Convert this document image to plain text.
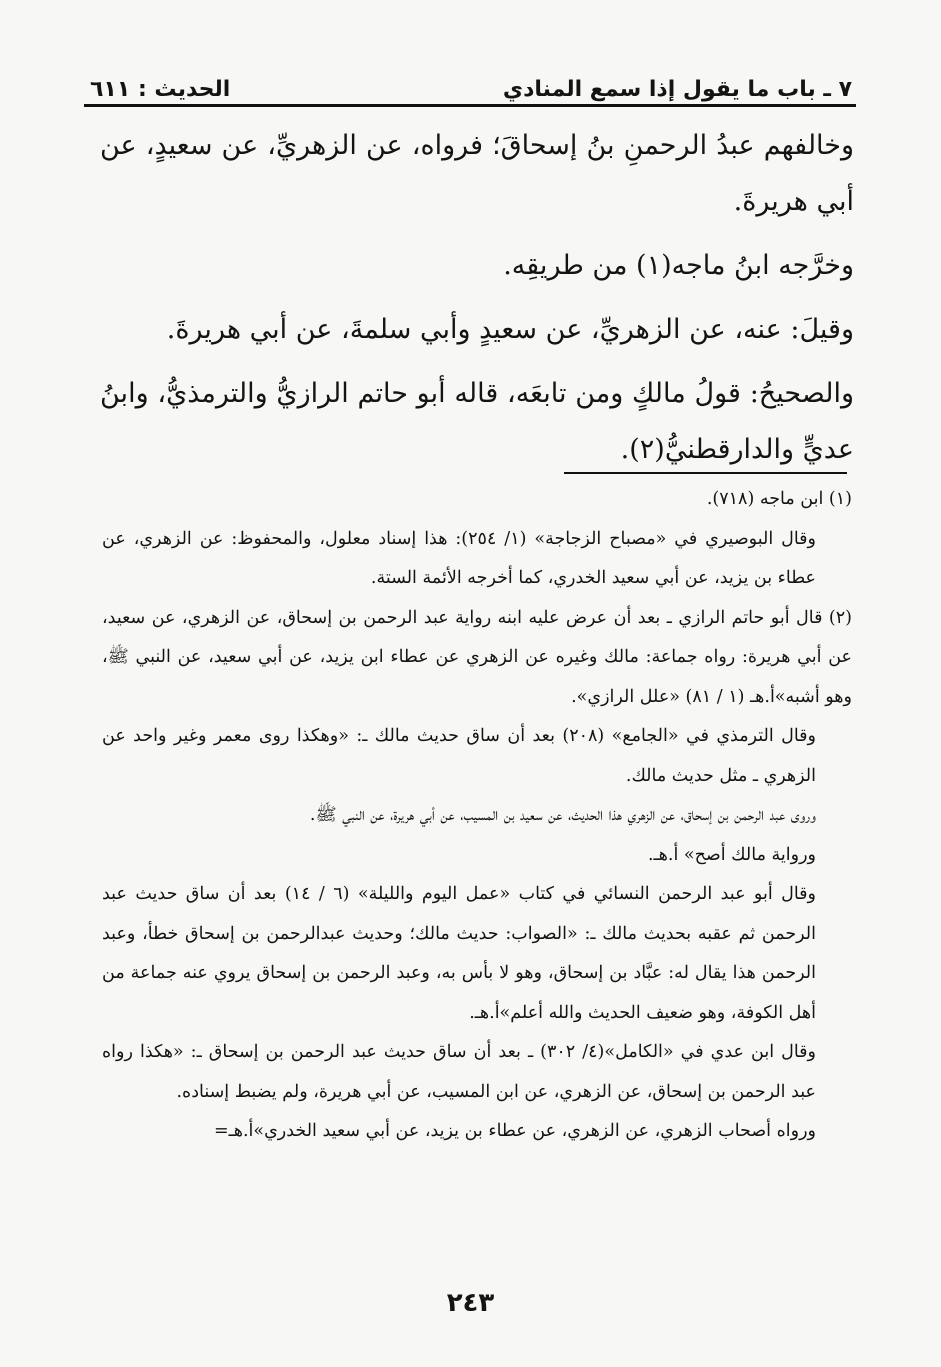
٧ ـ باب ما يقول إذا سمع المنادي
الحديث : ٦١١

وخالفهم عبدُ الرحمنِ بنُ إسحاقَ؛ فرواه، عن الزهريِّ، عن سعيدٍ، عن أبي هريرةَ.

وخرَّجه ابنُ ماجه(١) من طريقِه.

وقيلَ: عنه، عن الزهريِّ، عن سعيدٍ وأبي سلمةَ، عن أبي هريرةَ.

والصحيحُ: قولُ مالكٍ ومن تابعَه، قاله أبو حاتم الرازيُّ والترمذيُّ، وابنُ عديٍّ والدارقطنيُّ(٢).

(١) ابن ماجه (٧١٨).

وقال البوصيري في «مصباح الزجاجة» (١/ ٢٥٤): هذا إسناد معلول، والمحفوظ: عن الزهري، عن عطاء بن يزيد، عن أبي سعيد الخدري، كما أخرجه الأئمة الستة.

(٢) قال أبو حاتم الرازي ـ بعد أن عرض عليه ابنه رواية عبد الرحمن بن إسحاق، عن الزهري، عن سعيد، عن أبي هريرة: رواه جماعة: مالك وغيره عن الزهري عن عطاء ابن يزيد، عن أبي سعيد، عن النبي ﷺ، وهو أشبه»أ.هـ (١ / ٨١) «علل الرازي».

وقال الترمذي في «الجامع» (٢٠٨) بعد أن ساق حديث مالك ـ: «وهكذا روى معمر وغير واحد عن الزهري ـ مثل حديث مالك.

وروى عبد الرحمن بن إسحاق، عن الزهري هذا الحديث، عن سعيد بن المسيب، عن أبي هريرة، عن النبي ﷺ.

ورواية مالك أصح» أ.هـ.

وقال أبو عبد الرحمن النسائي في كتاب «عمل اليوم والليلة» (٦ / ١٤) بعد أن ساق حديث عبد الرحمن ثم عقبه بحديث مالك ـ: «الصواب: حديث مالك؛ وحديث عبدالرحمن بن إسحاق خطأ، وعبد الرحمن هذا يقال له: عبَّاد بن إسحاق، وهو لا بأس به، وعبد الرحمن بن إسحاق يروي عنه جماعة من أهل الكوفة، وهو ضعيف الحديث والله أعلم»أ.هـ.

وقال ابن عدي في «الكامل»(٤/ ٣٠٢) ـ بعد أن ساق حديث عبد الرحمن بن إسحاق ـ: «هكذا رواه عبد الرحمن بن إسحاق، عن الزهري، عن ابن المسيب، عن أبي هريرة، ولم يضبط إسناده.

ورواه أصحاب الزهري، عن الزهري، عن عطاء بن يزيد، عن أبي سعيد الخدري»أ.هـ=

٢٤٣
